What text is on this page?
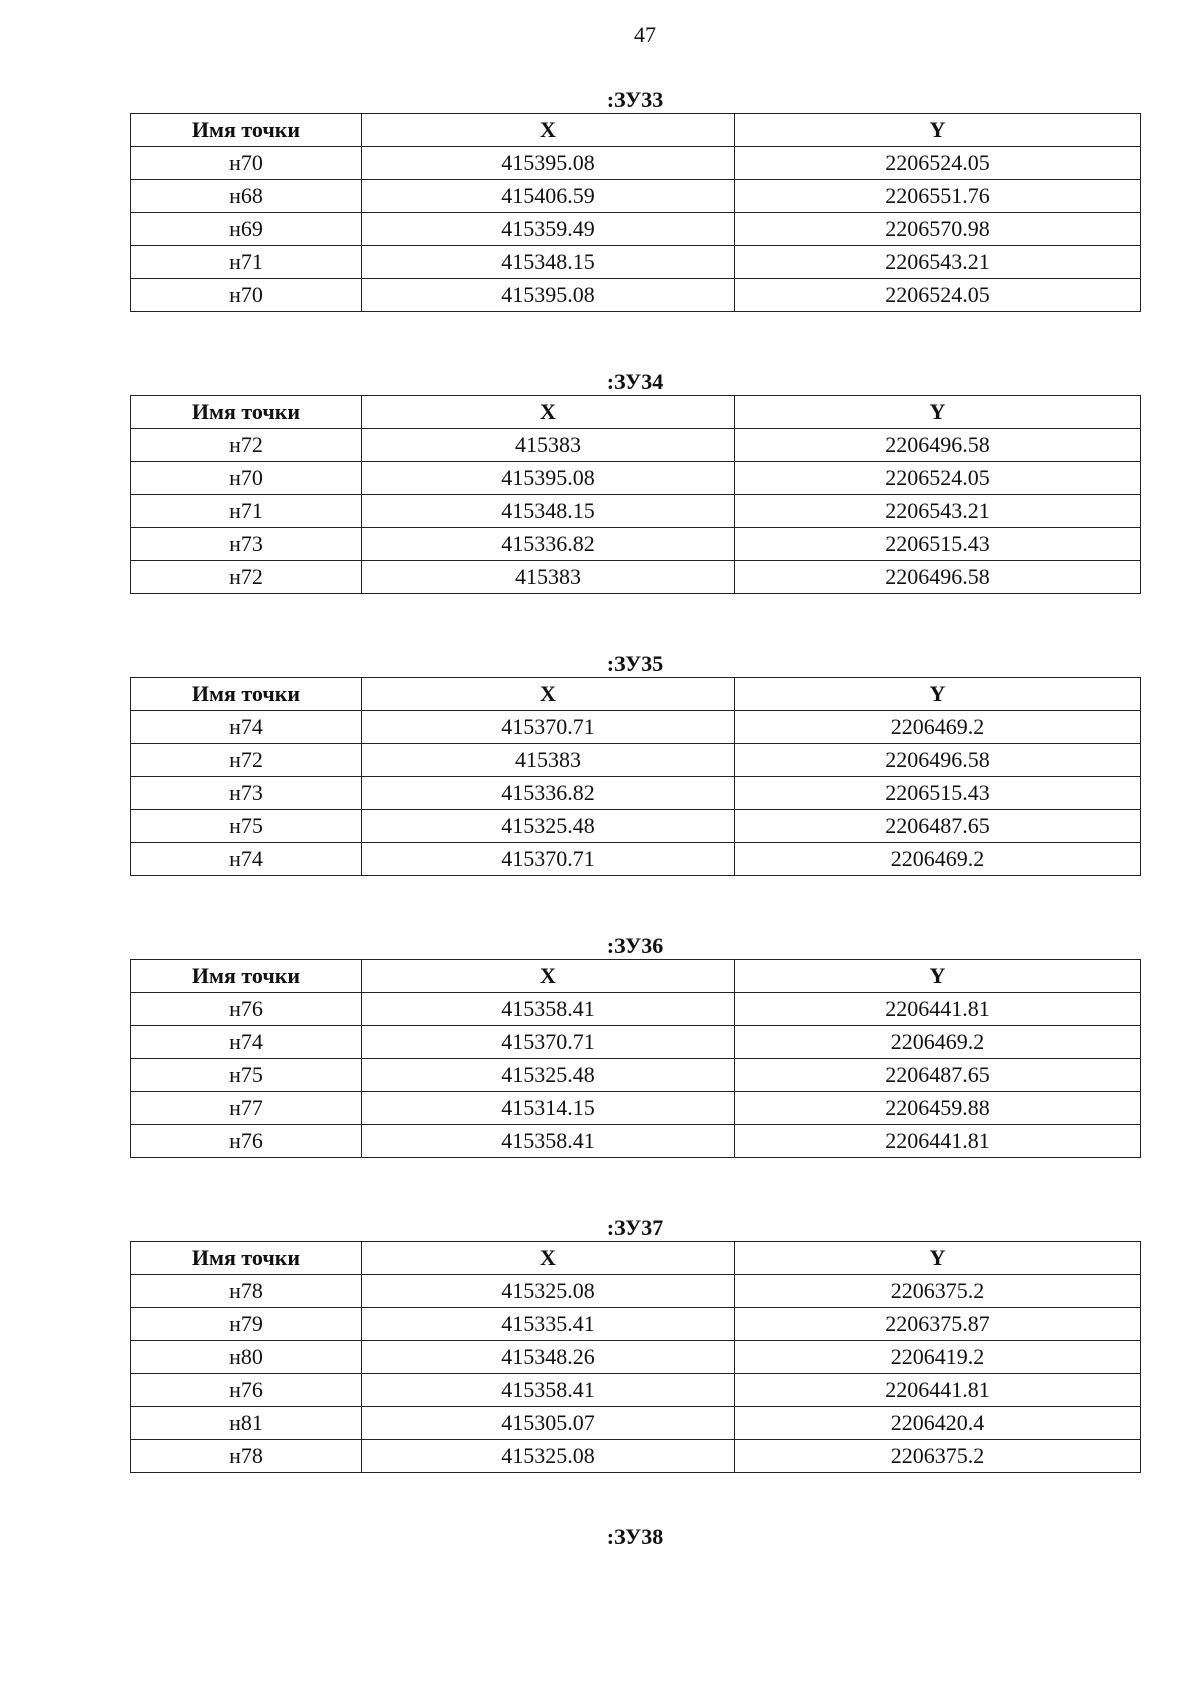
47
:ЗУ33
Имя точки	X	Y
н70	415395.08	2206524.05
н68	415406.59	2206551.76
н69	415359.49	2206570.98
н71	415348.15	2206543.21
н70	415395.08	2206524.05
:ЗУ34
Имя точки	X	Y
н72	415383	2206496.58
н70	415395.08	2206524.05
н71	415348.15	2206543.21
н73	415336.82	2206515.43
н72	415383	2206496.58
:ЗУ35
Имя точки	X	Y
н74	415370.71	2206469.2
н72	415383	2206496.58
н73	415336.82	2206515.43
н75	415325.48	2206487.65
н74	415370.71	2206469.2
:ЗУ36
Имя точки	X	Y
н76	415358.41	2206441.81
н74	415370.71	2206469.2
н75	415325.48	2206487.65
н77	415314.15	2206459.88
н76	415358.41	2206441.81
:ЗУ37
Имя точки	X	Y
н78	415325.08	2206375.2
н79	415335.41	2206375.87
н80	415348.26	2206419.2
н76	415358.41	2206441.81
н81	415305.07	2206420.4
н78	415325.08	2206375.2
:ЗУ38
